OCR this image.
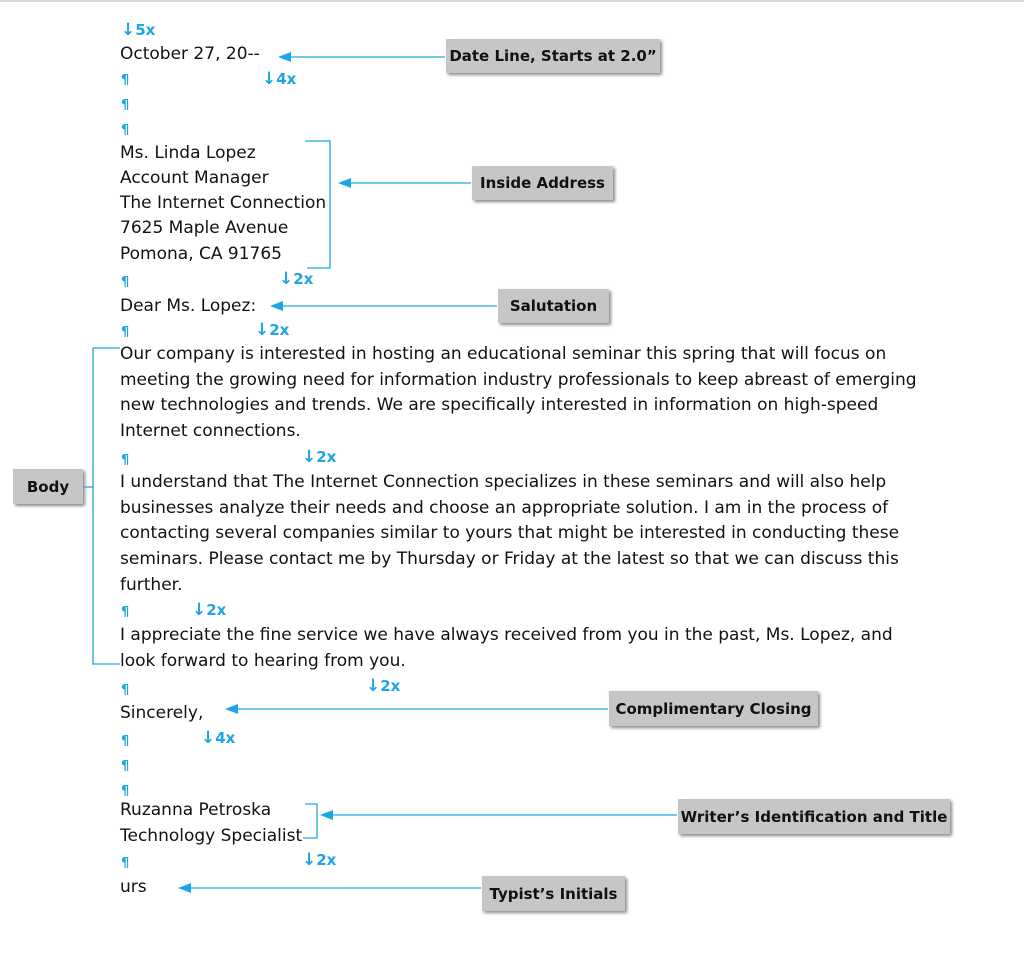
↓5x
↓4x
↓2x
↓2x
↓2x
↓2x
↓2x
↓4x
↓2x
¶
¶
¶
¶
¶
¶
¶
¶
¶
¶
¶
¶
October 27, 20--
Ms. Linda Lopez
Account Manager
The Internet Connection
7625 Maple Avenue
Pomona, CA 91765
Dear Ms. Lopez:
Our company is interested in hosting an educational seminar this spring that will focus on meeting the growing need for information industry professionals to keep abreast of emerging new technologies and trends. We are specifically interested in information on high-speed Internet connections.
I understand that The Internet Connection specializes in these seminars and will also help businesses analyze their needs and choose an appropriate solution. I am in the process of contacting several companies similar to yours that might be interested in conducting these seminars. Please contact me by Thursday or Friday at the latest so that we can discuss this further.
I appreciate the fine service we have always received from you in the past, Ms. Lopez, and look forward to hearing from you.
Sincerely,
Ruzanna Petroska
Technology Specialist
urs
Date Line, Starts at 2.0”
Inside Address
Salutation
Body
Complimentary Closing
Writer’s Identification and Title
Typist’s Initials
